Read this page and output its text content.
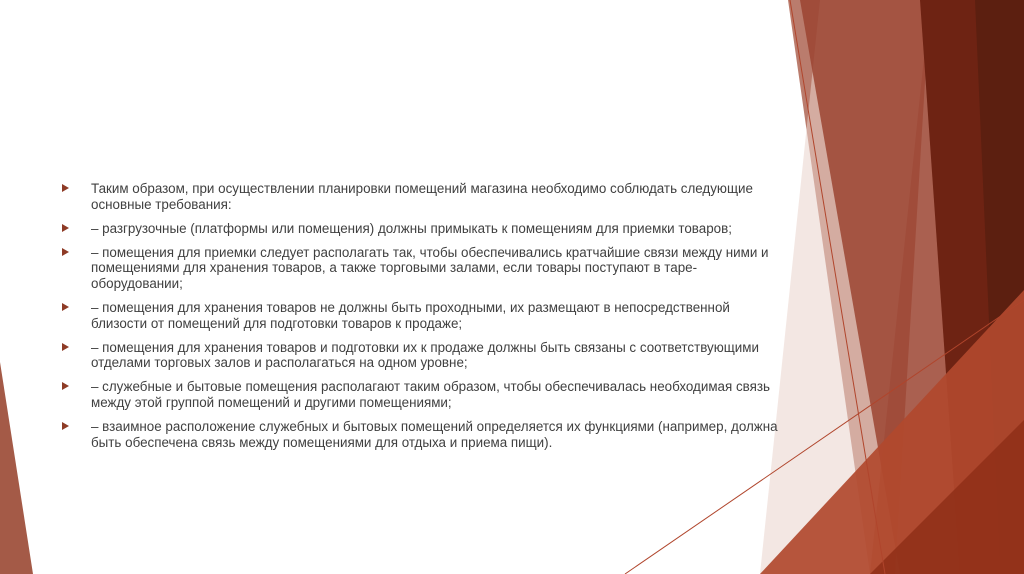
Таким образом, при осуществлении планировки помещений магазина необходимо соблюдать следующие основные требования:
– разгрузочные (платформы или помещения) должны примыкать к помещениям для приемки товаров;
– помещения для приемки следует располагать так, чтобы обеспечивались кратчайшие связи между ними и помещениями для хранения товаров, а также торговыми залами, если товары поступают в таре-оборудовании;
– помещения для хранения товаров не должны быть проходными, их размещают в непосредственной близости от помещений для подготовки товаров к продаже;
– помещения для хранения товаров и подготовки их к продаже должны быть связаны с соответствующими отделами торговых залов и располагаться на одном уровне;
– служебные и бытовые помещения располагают таким образом, чтобы обеспечивалась необходимая связь между этой группой помещений и другими помещениями;
– взаимное расположение служебных и бытовых помещений определяется их функциями (например, должна быть обеспечена связь между помещениями для отдыха и приема пищи).
